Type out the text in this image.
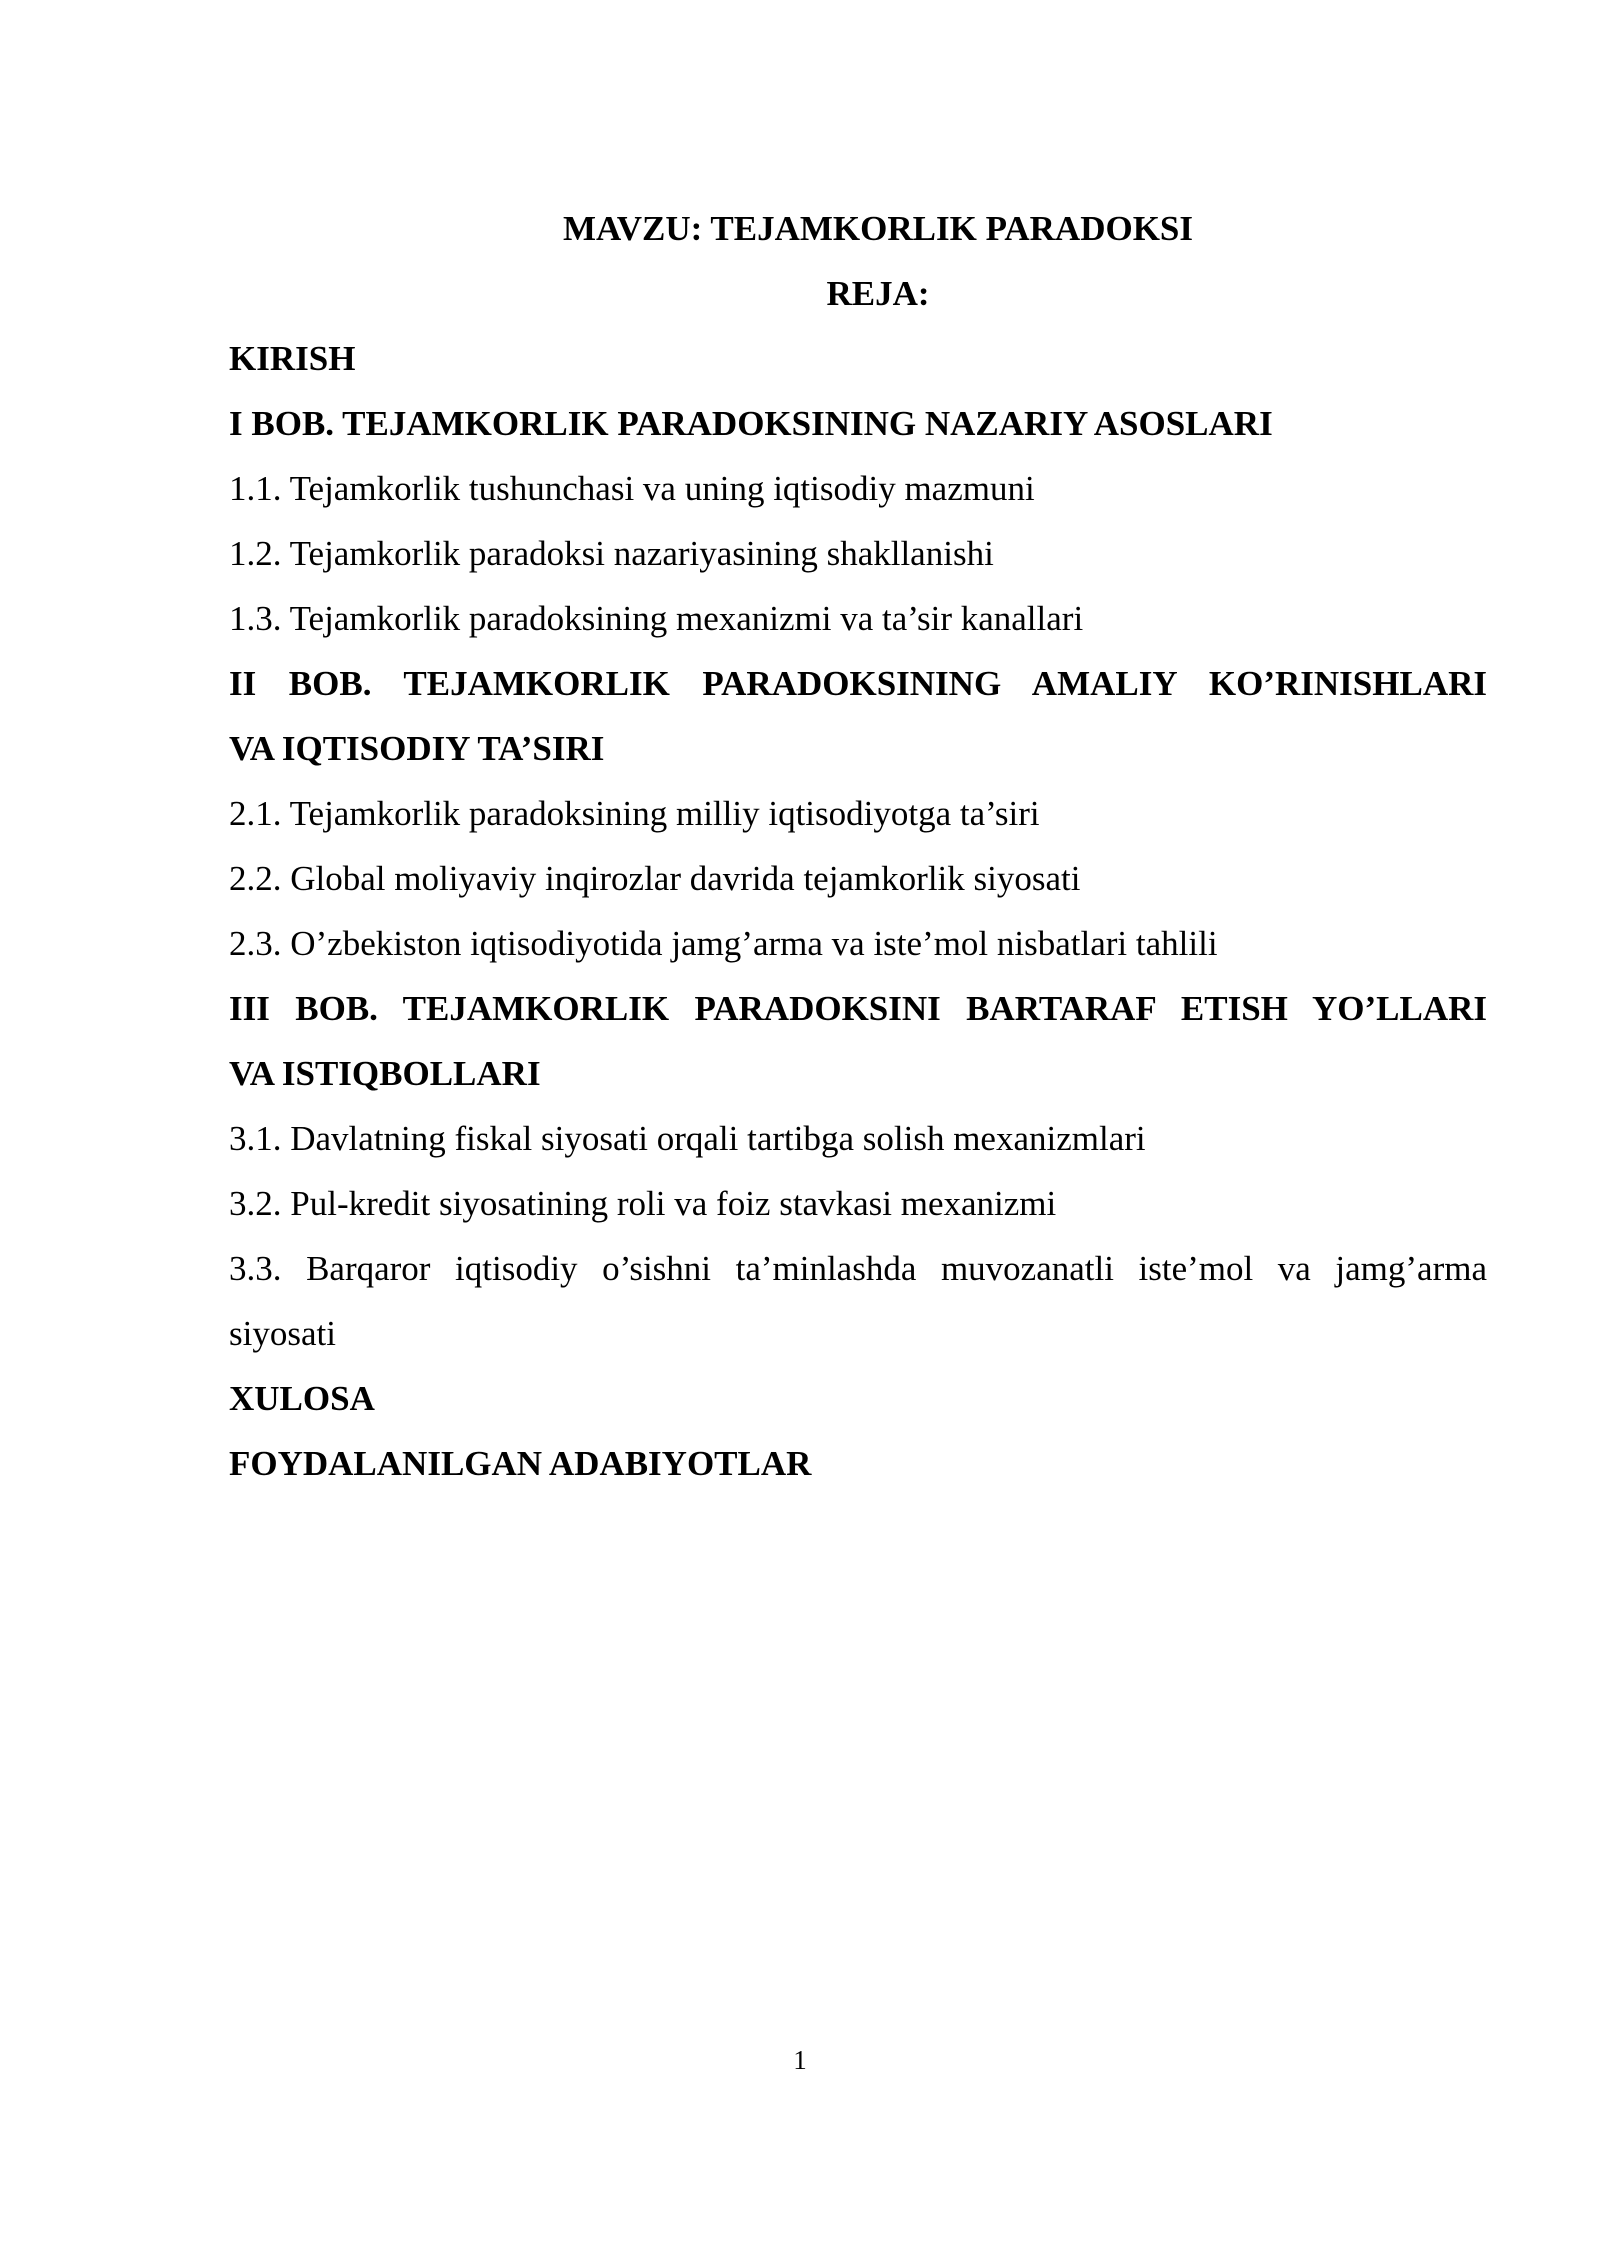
MAVZU: TEJAMKORLIK PARADOKSI
REJA:
KIRISH
I BOB. TEJAMKORLIK PARADOKSINING NAZARIY ASOSLARI
1.1. Tejamkorlik tushunchasi va uning iqtisodiy mazmuni
1.2. Tejamkorlik paradoksi nazariyasining shakllanishi
1.3. Tejamkorlik paradoksining mexanizmi va ta’sir kanallari
II BOB. TEJAMKORLIK PARADOKSINING AMALIY KO’RINISHLARI
VA IQTISODIY TA’SIRI
2.1. Tejamkorlik paradoksining milliy iqtisodiyotga ta’siri
2.2. Global moliyaviy inqirozlar davrida tejamkorlik siyosati
2.3. O’zbekiston iqtisodiyotida jamg’arma va iste’mol nisbatlari tahlili
III BOB. TEJAMKORLIK PARADOKSINI BARTARAF ETISH YO’LLARI
VA ISTIQBOLLARI
3.1. Davlatning fiskal siyosati orqali tartibga solish mexanizmlari
3.2. Pul-kredit siyosatining roli va foiz stavkasi mexanizmi
3.3. Barqaror iqtisodiy o’sishni ta’minlashda muvozanatli iste’mol va jamg’arma
siyosati
XULOSA
FOYDALANILGAN ADABIYOTLAR
1
